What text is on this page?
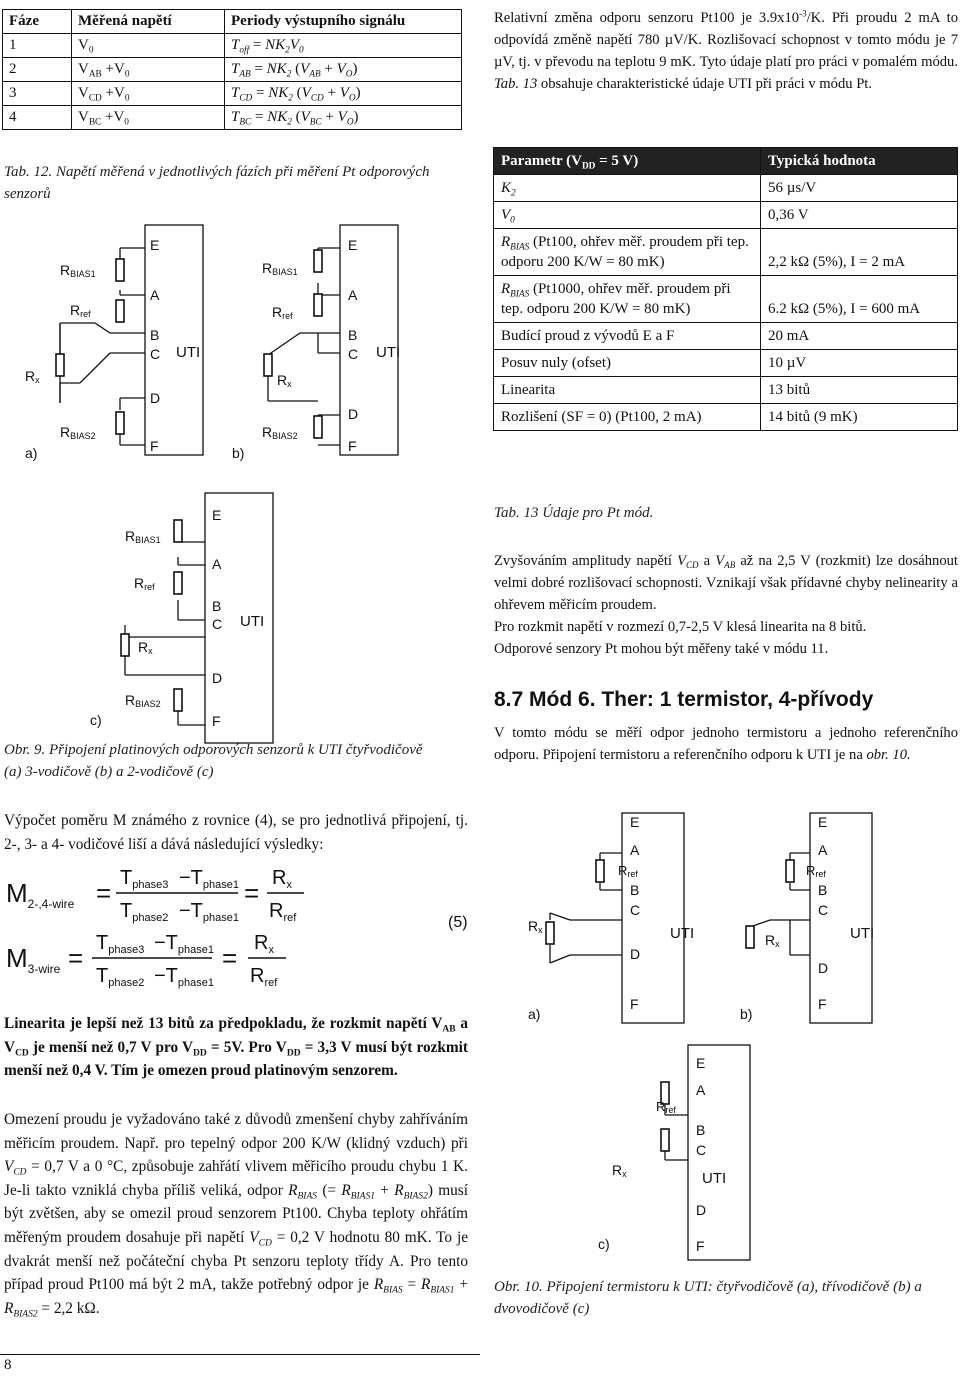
Fáze	Měřená napětí	Periody výstupního signálu
1	$V_0$	$T_{off} = NK_2V_0$
2	$V_{AB} +V_0$	$T_{AB} = NK_2$ $(V_{AB} + V_O)$
3	$V_{CD} +V_0$	$T_{CD} = NK_2$ $(V_{CD} + V_O)$
4	$V_{BC} +V_0$	$T_{BC} = NK_2$ $(V_{BC} + V_O)$

Tab. 12. Napětí měřená v jednotlivých fázích při měření Pt odporových senzorů

E
A
B
C
D
F
UTI
RBIAS1
Rref
Rx
RBIAS2
a)
E
A
B
C
D
F
UTI
RBIAS1
Rref
Rx
RBIAS2
b)
E
A
B
C
D
F
UTI
RBIAS1
Rref
Rx
RBIAS2
c)

Obr. 9. Připojení platinových odporových senzorů k UTI čtyřvodičově (a) 3-vodičově (b) a 2-vodičově (c)

Výpočet poměru M známého z rovnice (4), se pro jednotlivá připojení, tj. 2-, 3- a 4- vodičové liší a dává následující výsledky:

$M_{2-,4-wire} = T_{phase3} -T_{phase1}$
$T_{phase2} -T_{phase1}$
= $R_x$
$R_{ref}$
$M_{3-wire} = T_{phase3} -T_{phase1}$
$T_{phase2} -T_{phase1}$
= $R_x$
$R_{ref}$
(5)

Linearita je lepší než 13 bitů za předpokladu, že rozkmit napětí $V_{AB}$ a $V_{CD}$ je menší než 0,7 V pro $V_{DD} = 5V$. Pro $V_{DD} = 3,3$ V musí být rozkmit menší než 0,4 V. Tím je omezen proud platinovým senzorem.

Omezení proudu je vyžadováno také z důvodů zmenšení chyby zahříváním měřicím proudem. Např. pro tepelný odpor 200 K/W (klidný vzduch) při $V_{CD} = 0,7$ V a 0 °C, způsobuje zahřátí vlivem měřicího proudu chybu 1 K. Je-li takto vzniklá chyba příliš veliká, odpor $R_{BIAS}$ (= $R_{BIAS1} + R_{BIAS2}$) musí být zvětšen, aby se omezil proud senzorem Pt100. Chyba teploty ohřátím měřeným proudem dosahuje při napětí $V_{CD} = 0,2$ V hodnotu 80 mK. To je dvakrát menší než počáteční chyba Pt senzoru teploty třídy A. Pro tento případ proud Pt100 má být 2 mA, takže potřebný odpor je $R_{BIAS} = R_{BIAS1} + R_{BIAS2} = 2,2$ kΩ.

8

Relativní změna odporu senzoru Pt100 je $3.9x10^{-3}/K$. Při proudu 2 mA to odpovídá změně napětí 780 µV/K. Rozlišovací schopnost v tomto módu je 7 µV, tj. v převodu na teplotu 9 mK. Tyto údaje platí pro práci v pomalém módu. Tab. 13 obsahuje charakteristické údaje UTI při práci v módu Pt.

Parametr ($V_{DD} = 5$ V)	Typická hodnota
$K_2$	56 µs/V
$V_0$	0,36 V
$R_{BIAS}$ (Pt100, ohřev měř. proudem při tep. odporu 200 K/W = 80 mK)	2,2 kΩ (5%), I = 2 mA
$R_{BIAS}$ (Pt1000, ohřev měř. proudem při tep. odporu 200 K/W = 80 mK)	6.2 kΩ (5%), I = 600 mA
Budící proud z vývodů E a F	20 mA
Posuv nuly (ofset)	10 µV
Linearita	13 bitů
Rozlišení (SF = 0) (Pt100, 2 mA)	14 bitů (9 mK)

Tab. 13 Údaje pro Pt mód.

Zvyšováním amplitudy napětí $V_{CD}$ a $V_{AB}$ až na 2,5 V (rozkmit) lze dosáhnout velmi dobré rozlišovací schopnosti. Vznikají však přídavné chyby nelinearity a ohřevem měřicím proudem.
Pro rozkmit napětí v rozmezí 0,7-2,5 V klesá linearita na 8 bitů.
Odporové senzory Pt mohou být měřeny také v módu 11.

8.7 Mód 6. Ther: 1 termistor, 4-přívody

V tomto módu se měří odpor jednoho termistoru a jednoho referenčního odporu. Připojení termistoru a referenčního odporu k UTI je na obr. 10.

E
A
B
C
D
F
UTI
Rref
Rx
a)
E
A
B
C
D
F
UTI
Rref
Rx
b)
E
A
B
C
D
F
UTI
Rref
Rx
c)

Obr. 10. Připojení termistoru k UTI: čtyřvodičově (a), třívodičově (b) a dvovodičově (c)
